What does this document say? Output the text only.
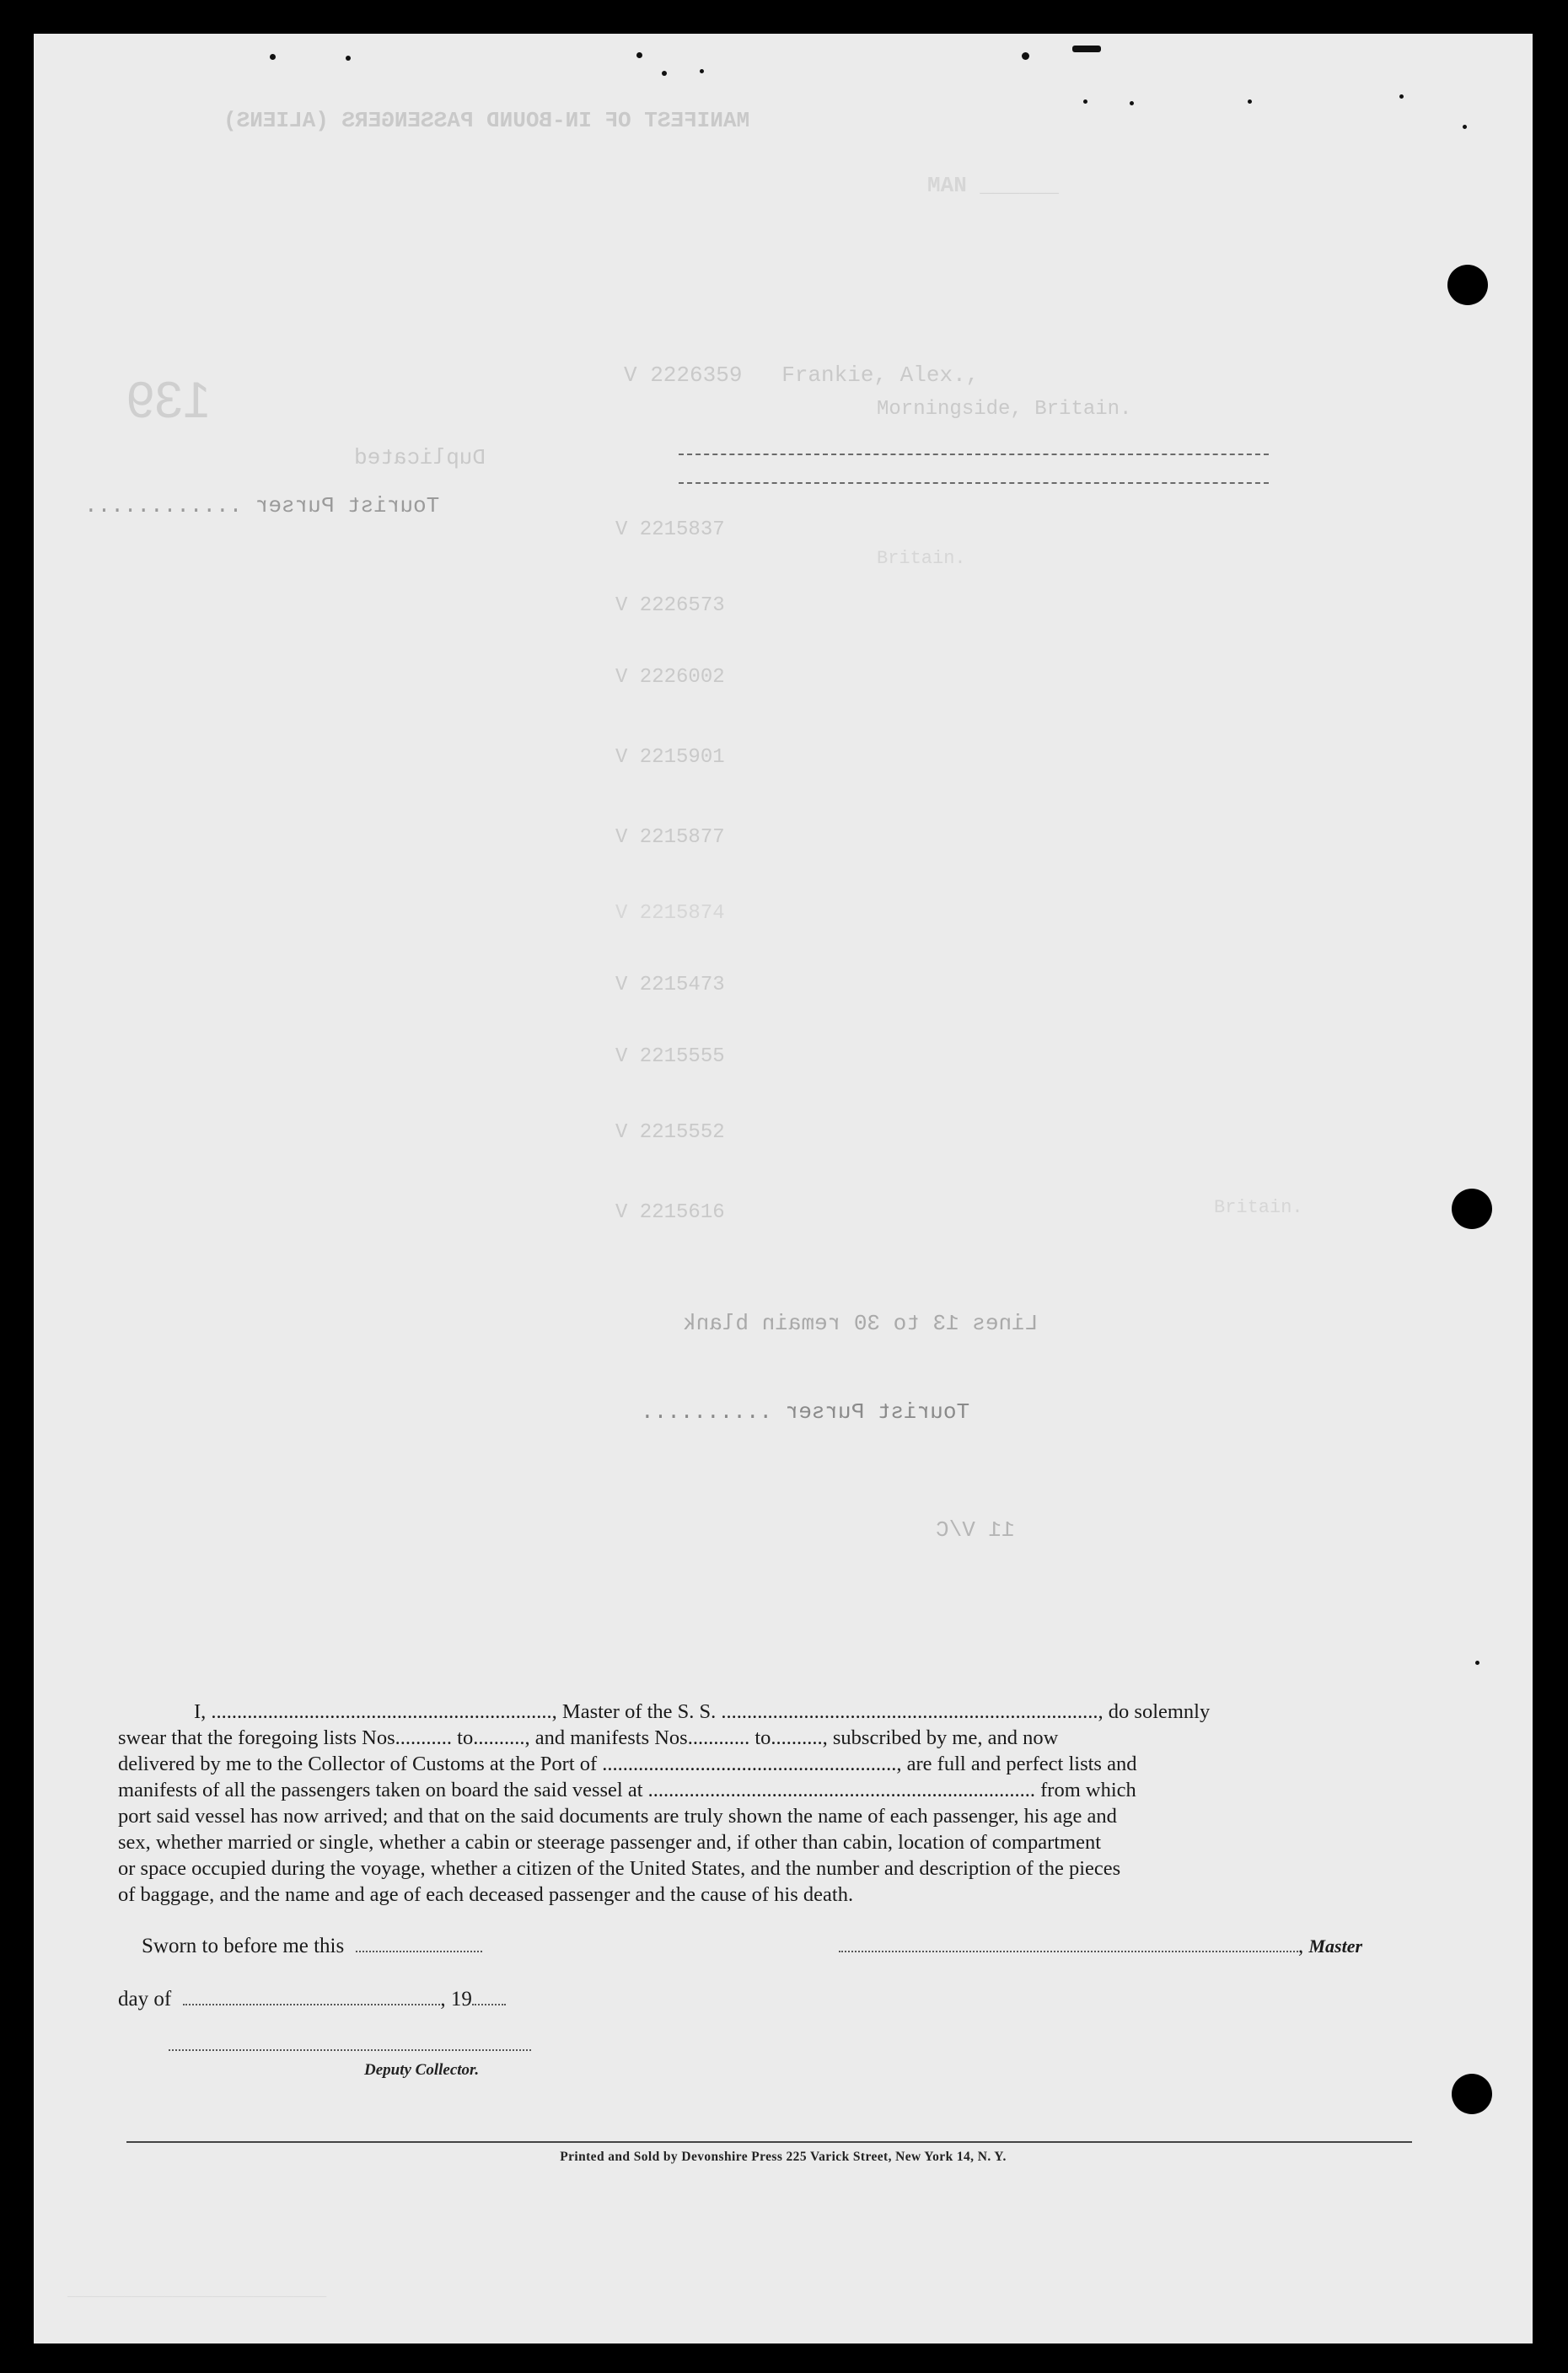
MANIFEST OF IN-BOUND PASSENGERS (ALIENS)
MAN ______
139
Duplicated
Tourist Purser ............
V 2226359   Frankie, Alex.,
Morningside, Britain.
V 2215837
Britain.
V 2226573
V 2226002
V 2215901
V 2215877
V 2215874
V 2215473
V 2215555
V 2215552
V 2215616	Britain.
Lines 13 to 30 remain blank
Tourist Purser ..........
11 V/C

I, .................................................................., Master of the S. S. ........................................................................., do solemnly

swear that the foregoing lists Nos........... to.........., and manifests Nos............ to.........., subscribed by me, and now

delivered by me to the Collector of Customs at the Port of ........................................................., are full and perfect lists and

manifests of all the passengers taken on board the said vessel at ........................................................................... from which

port said vessel has now arrived; and that on the said documents are truly shown the name of each passenger, his age and

sex, whether married or single, whether a cabin or steerage passenger and, if other than cabin, location of compartment

or space occupied during the voyage, whether a citizen of the United States, and the number and description of the pieces

of baggage, and the name and age of each deceased passenger and the cause of his death.

Sworn to before me this	, Master
day of	, 19
Deputy Collector.
Printed and Sold by Devonshire Press 225 Varick Street, New York 14, N. Y.
________________________________
